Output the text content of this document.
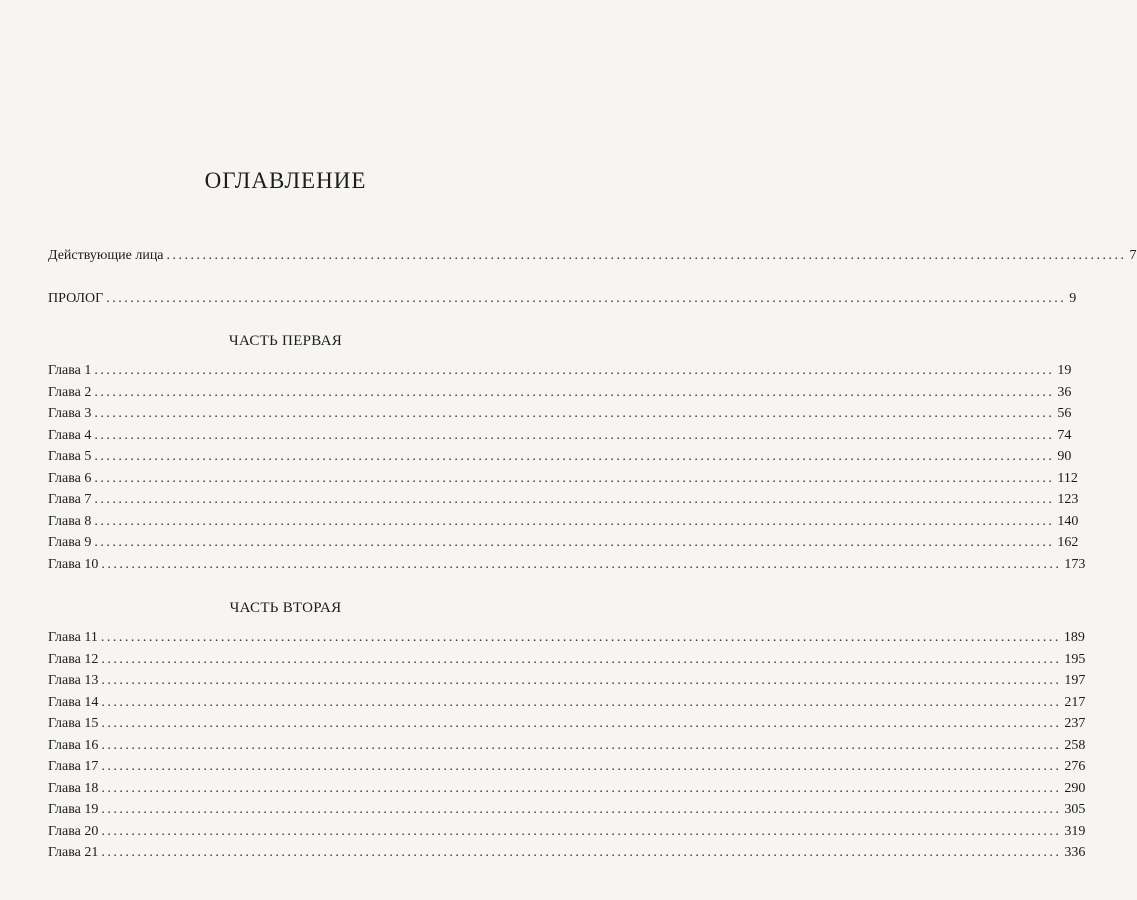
ОГЛАВЛЕНИЕ
Действующие лица ................................................................................................................................................................ 7
ПРОЛОГ ................................................................................................................................................................ 9
ЧАСТЬ ПЕРВАЯ
Глава 1 ................................................................................................................................................................ 19
Глава 2 ................................................................................................................................................................ 36
Глава 3 ................................................................................................................................................................ 56
Глава 4 ................................................................................................................................................................ 74
Глава 5 ................................................................................................................................................................ 90
Глава 6 ................................................................................................................................................................ 112
Глава 7 ................................................................................................................................................................ 123
Глава 8 ................................................................................................................................................................ 140
Глава 9 ................................................................................................................................................................ 162
Глава 10 ................................................................................................................................................................ 173
ЧАСТЬ ВТОРАЯ
Глава 11 ................................................................................................................................................................ 189
Глава 12 ................................................................................................................................................................ 195
Глава 13 ................................................................................................................................................................ 197
Глава 14 ................................................................................................................................................................ 217
Глава 15 ................................................................................................................................................................ 237
Глава 16 ................................................................................................................................................................ 258
Глава 17 ................................................................................................................................................................ 276
Глава 18 ................................................................................................................................................................ 290
Глава 19 ................................................................................................................................................................ 305
Глава 20 ................................................................................................................................................................ 319
Глава 21 ................................................................................................................................................................ 336
